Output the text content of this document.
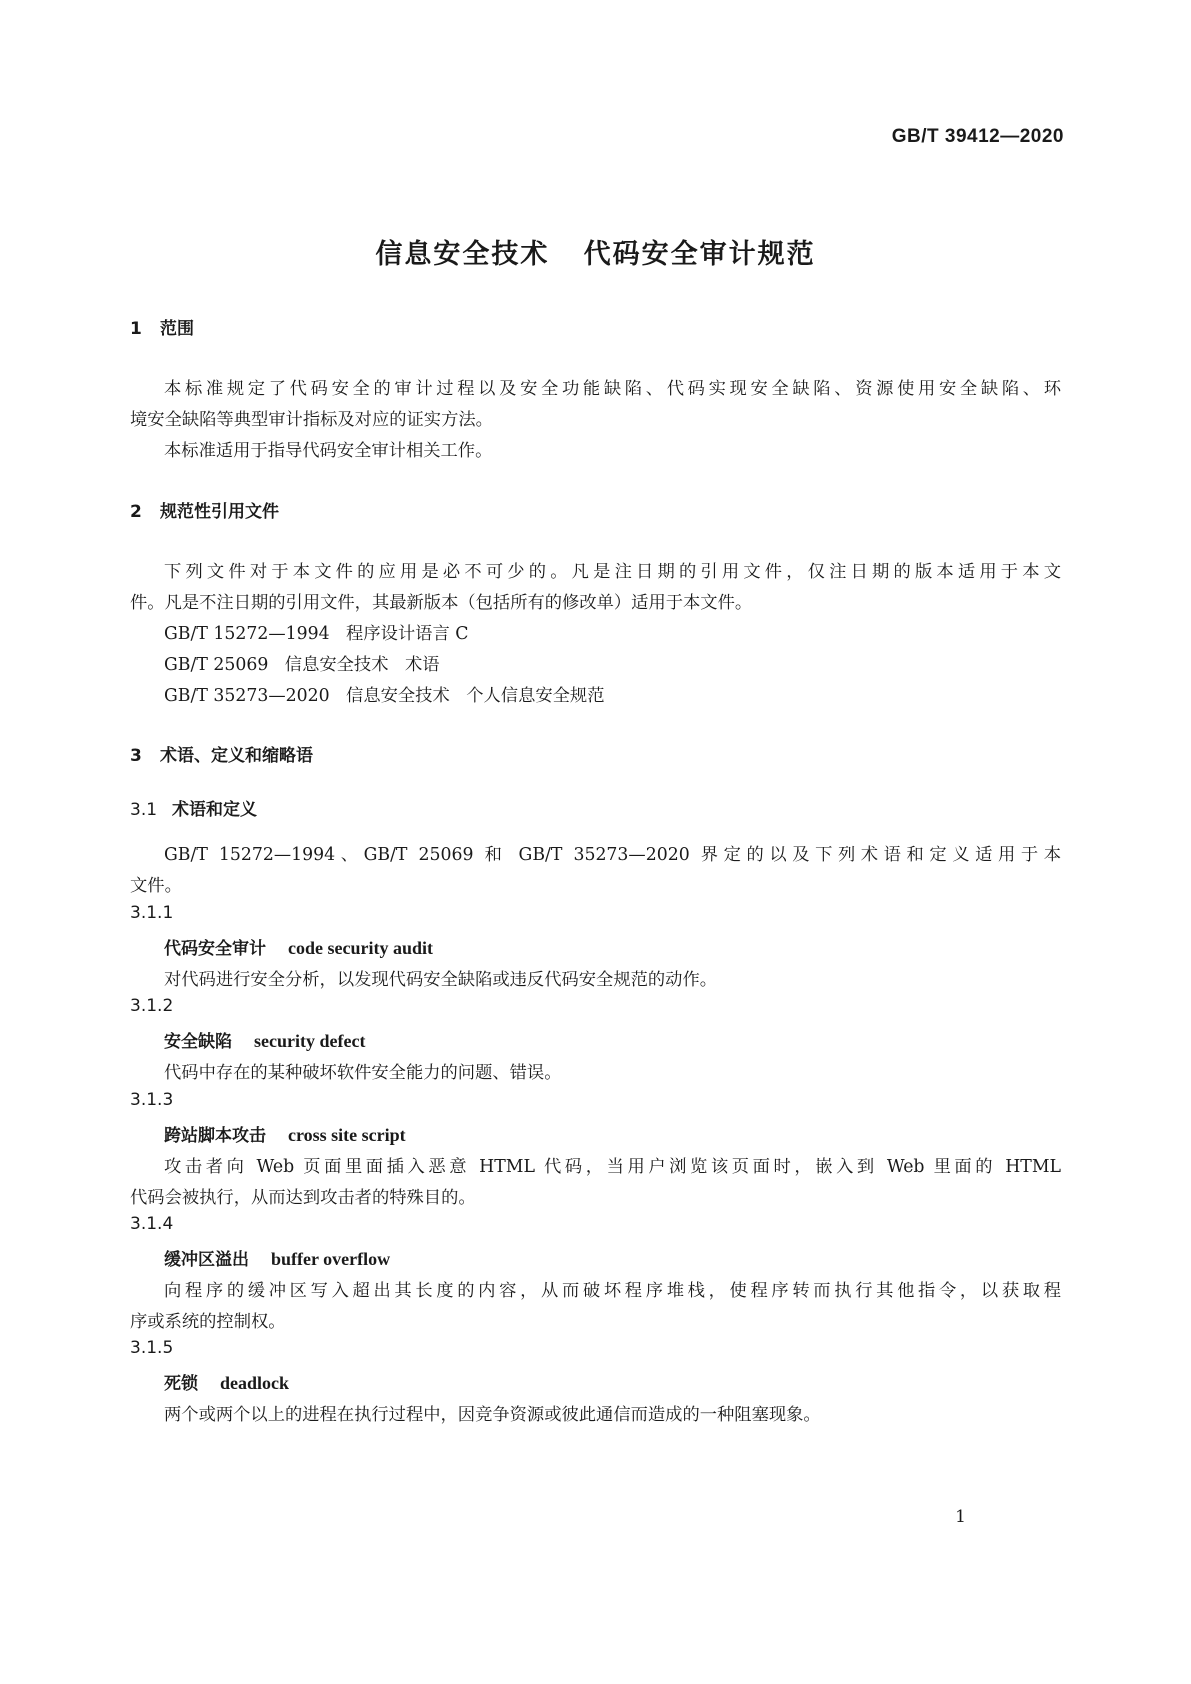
GB/T 39412—2020
信息安全技术   代码安全审计规范
1 范围
本标准规定了代码安全的审计过程以及安全功能缺陷、代码实现安全缺陷、资源使用安全缺陷、环
境安全缺陷等典型审计指标及对应的证实方法。
本标准适用于指导代码安全审计相关工作。
2 规范性引用文件
下列文件对于本文件的应用是必不可少的。凡是注日期的引用文件，仅注日期的版本适用于本文
件。凡是不注日期的引用文件，其最新版本（包括所有的修改单）适用于本文件。
GB/T 15272—1994   程序设计语言 C
GB/T 25069   信息安全技术   术语
GB/T 35273—2020   信息安全技术   个人信息安全规范
3 术语、定义和缩略语
3.1 术语和定义
GB/T 15272—1994、GB/T 25069 和 GB/T 35273—2020 界定的以及下列术语和定义适用于本
文件。
3.1.1
代码安全审计 code security audit
对代码进行安全分析，以发现代码安全缺陷或违反代码安全规范的动作。
3.1.2
安全缺陷 security defect
代码中存在的某种破坏软件安全能力的问题、错误。
3.1.3
跨站脚本攻击 cross site script
攻击者向 Web 页面里面插入恶意 HTML 代码，当用户浏览该页面时，嵌入到 Web 里面的 HTML
代码会被执行，从而达到攻击者的特殊目的。
3.1.4
缓冲区溢出 buffer overflow
向程序的缓冲区写入超出其长度的内容，从而破坏程序堆栈，使程序转而执行其他指令，以获取程
序或系统的控制权。
3.1.5
死锁 deadlock
两个或两个以上的进程在执行过程中，因竞争资源或彼此通信而造成的一种阻塞现象。
1
